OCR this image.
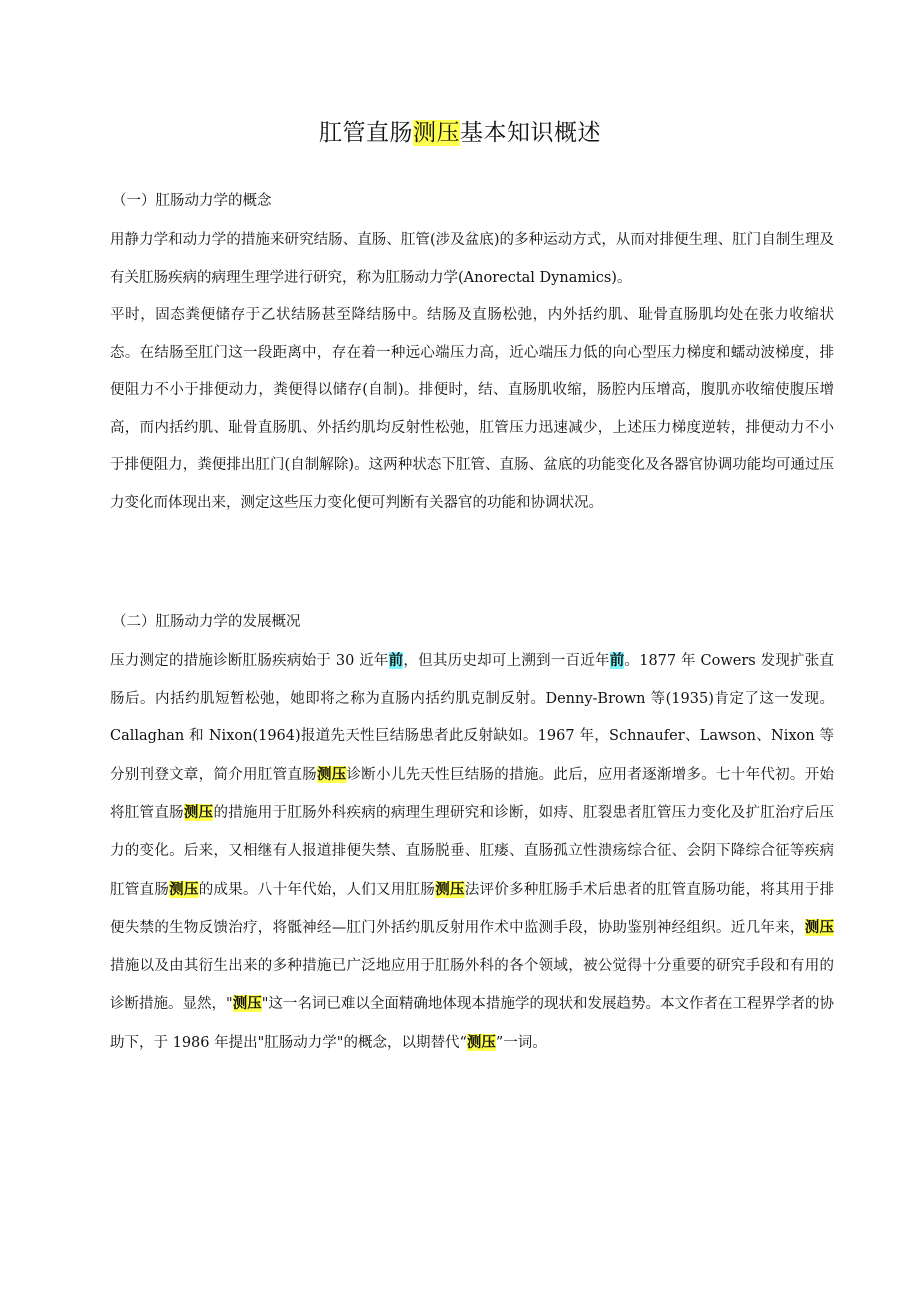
肛管直肠测压基本知识概述
（一）肛肠动力学的概念

用静力学和动力学的措施来研究结肠、直肠、肛管(涉及盆底)的多种运动方式，从而对排便生理、肛门自制生理及有关肛肠疾病的病理生理学进行研究，称为肛肠动力学(Anorectal Dynamics)。

平时，固态粪便储存于乙状结肠甚至降结肠中。结肠及直肠松弛，内外括约肌、耻骨直肠肌均处在张力收缩状态。在结肠至肛门这一段距离中，存在着一种远心端压力高，近心端压力低的向心型压力梯度和蠕动波梯度，排便阻力不小于排便动力，粪便得以储存(自制)。排便时，结、直肠肌收缩，肠腔内压增高，腹肌亦收缩使腹压增高，而内括约肌、耻骨直肠肌、外括约肌均反射性松弛，肛管压力迅速减少，上述压力梯度逆转，排便动力不小于排便阻力，粪便排出肛门(自制解除)。这两种状态下肛管、直肠、盆底的功能变化及各器官协调功能均可通过压力变化而体现出来，测定这些压力变化便可判断有关器官的功能和协调状况。

（二）肛肠动力学的发展概况

压力测定的措施诊断肛肠疾病始于 30 近年前，但其历史却可上溯到一百近年前。1877 年 Cowers 发现扩张直肠后。内括约肌短暂松弛，她即将之称为直肠内括约肌克制反射。Denny-Brown 等(1935)肯定了这一发现。Callaghan 和 Nixon(1964)报道先天性巨结肠患者此反射缺如。1967 年，Schnaufer、Lawson、Nixon 等分别刊登文章，简介用肛管直肠测压诊断小儿先天性巨结肠的措施。此后，应用者逐渐增多。七十年代初。开始将肛管直肠测压的措施用于肛肠外科疾病的病理生理研究和诊断，如痔、肛裂患者肛管压力变化及扩肛治疗后压力的变化。后来，又相继有人报道排便失禁、直肠脱垂、肛瘘、直肠孤立性溃疡综合征、会阴下降综合征等疾病肛管直肠测压的成果。八十年代始，人们又用肛肠测压法评价多种肛肠手术后患者的肛管直肠功能，将其用于排便失禁的生物反馈治疗，将骶神经—肛门外括约肌反射用作术中监测手段，协助鉴别神经组织。近几年来，测压措施以及由其衍生出来的多种措施已广泛地应用于肛肠外科的各个领域，被公觉得十分重要的研究手段和有用的诊断措施。显然，"测压"这一名词已难以全面精确地体现本措施学的现状和发展趋势。本文作者在工程界学者的协助下，于 1986 年提出"肛肠动力学"的概念，以期替代“测压”一词。
